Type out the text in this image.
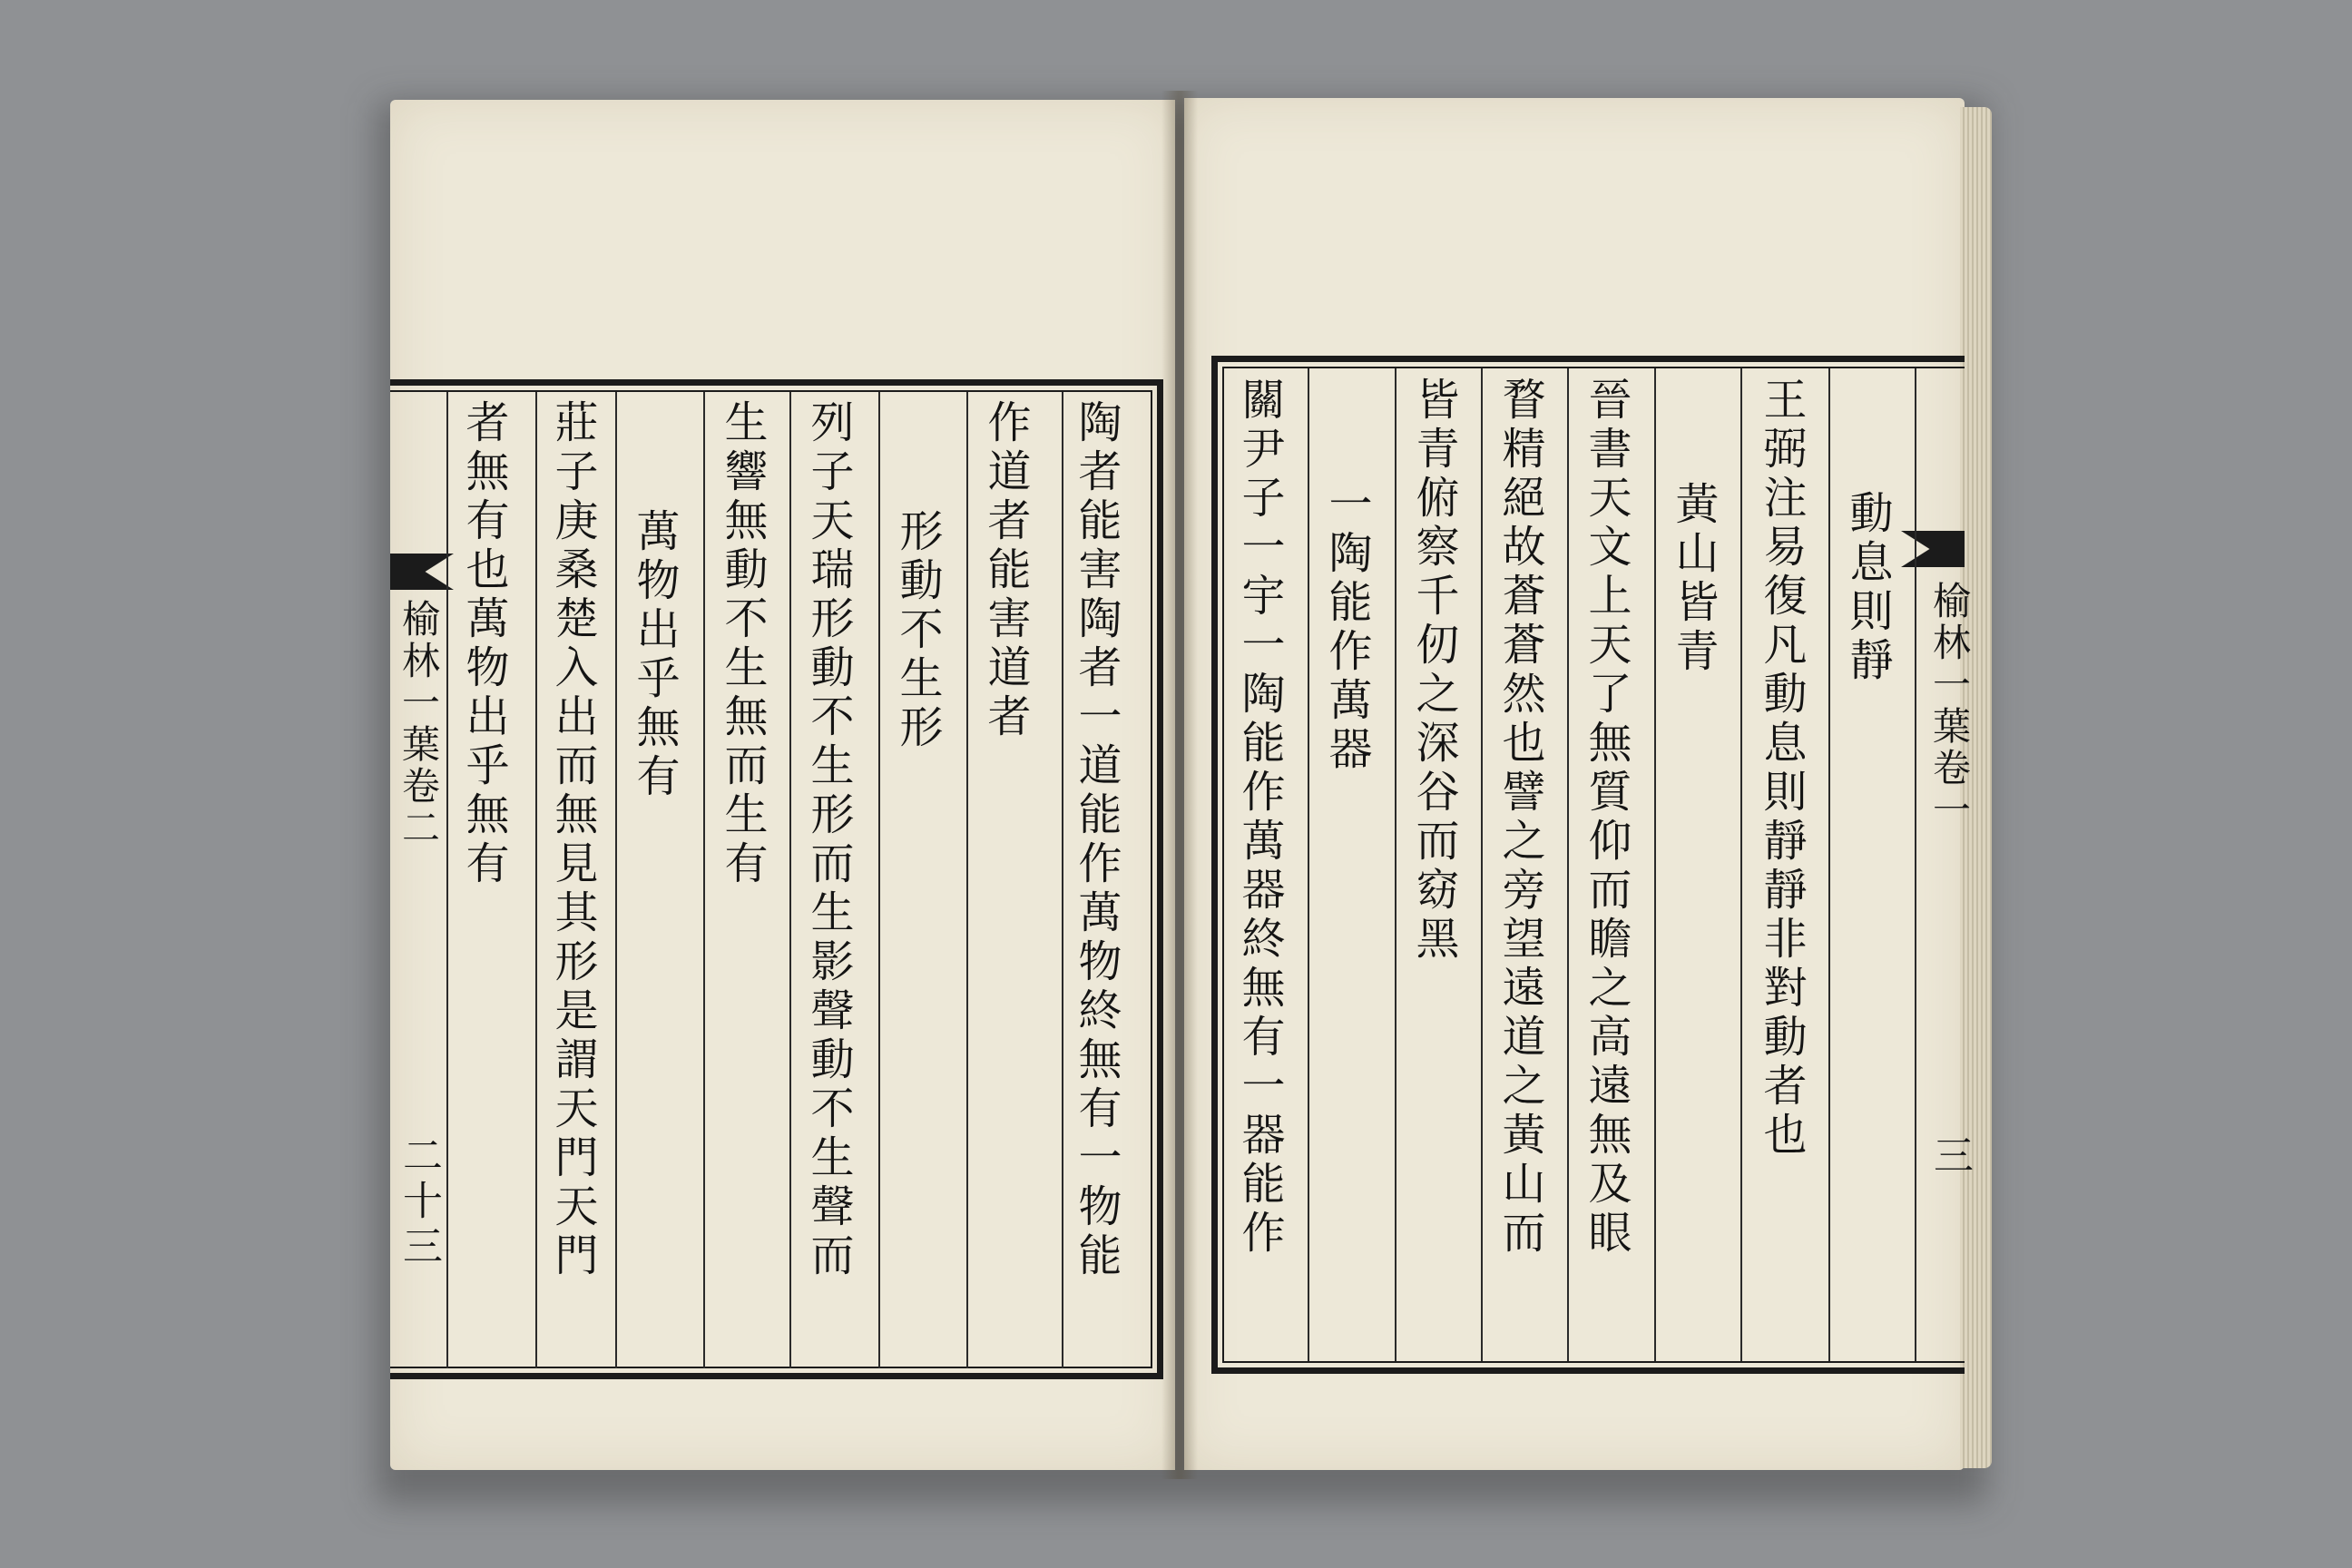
陶者能害陶者一道能作萬物終無有一物能
作道者能害道者
形動不生形
列子天瑞形動不生形而生影聲動不生聲而
生響無動不生無而生有
萬物出乎無有
莊子庚桑楚入出而無見其形是謂天門天門
者無有也萬物出乎無有
榆林一葉卷二
二十三
動息則靜
王弼注易復凡動息則靜靜非對動者也
黃山皆青
晉書天文上天了無質仰而瞻之高遠無及眼
瞀精絕故蒼蒼然也譬之旁望遠道之黃山而
皆青俯察千仞之深谷而窈黑
一陶能作萬器
關尹子一宇一陶能作萬器終無有一器能作	榆林一葉卷一
三
